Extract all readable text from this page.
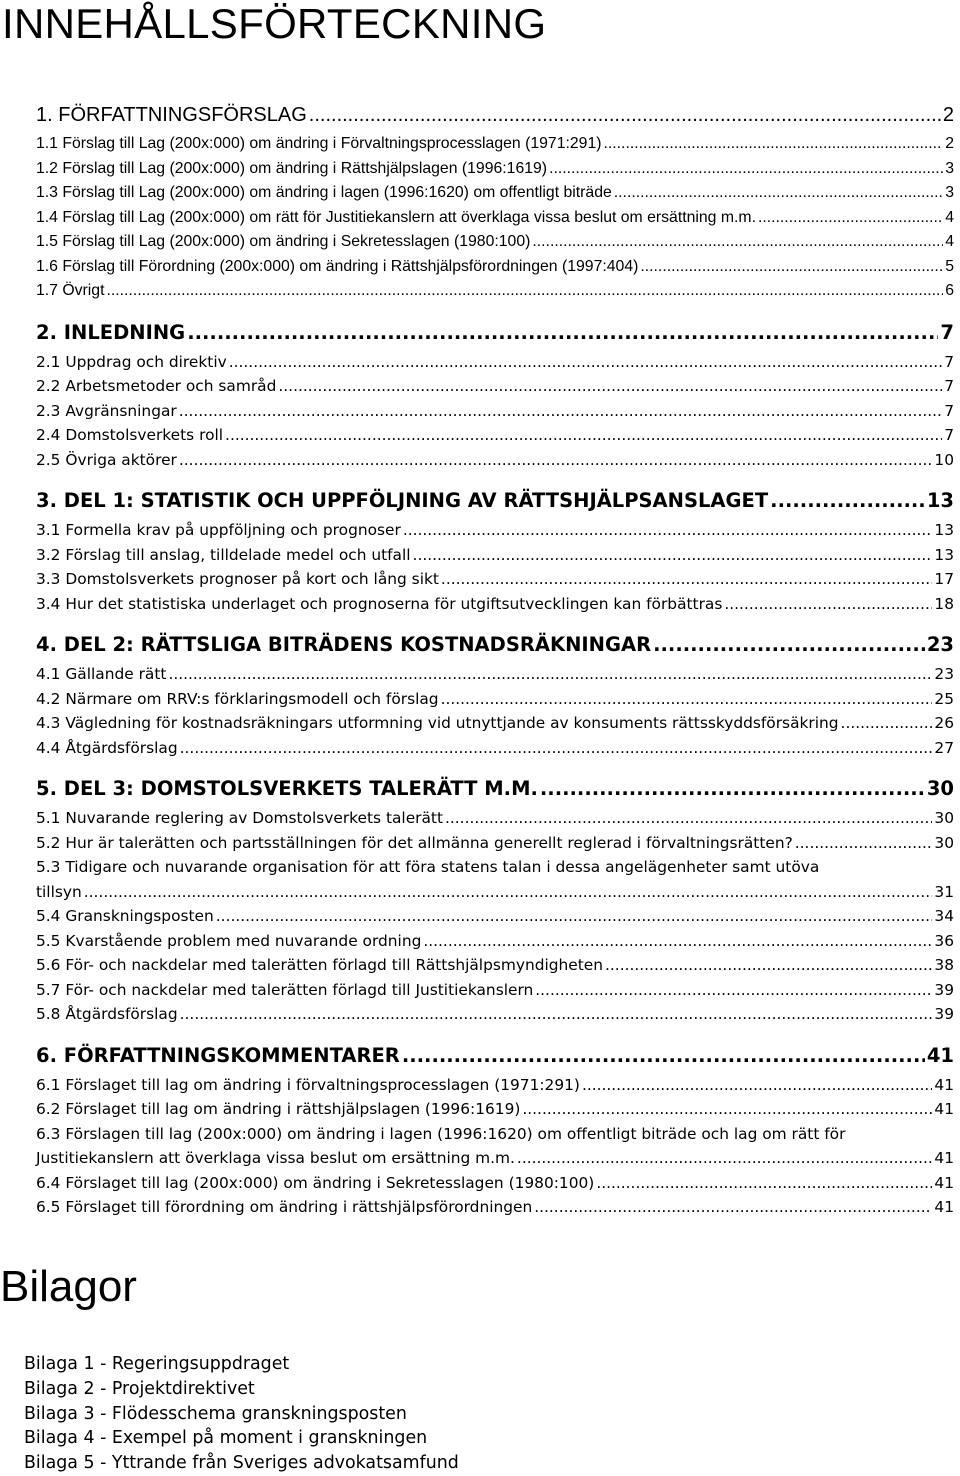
INNEHÅLLSFÖRTECKNING
1. FÖRFATTNINGSFÖRSLAG .....	2
1.1 Förslag till Lag (200x:000) om ändring i Förvaltningsprocesslagen (1971:291) .....	2
1.2 Förslag till Lag (200x:000) om ändring i Rättshjälpslagen (1996:1619) .....	3
1.3 Förslag till Lag (200x:000) om ändring i lagen (1996:1620) om offentligt biträde .....	3
1.4 Förslag till Lag (200x:000) om rätt för Justitiekanslern att överklaga vissa beslut om ersättning m.m. .....	4
1.5 Förslag till Lag (200x:000) om ändring i Sekretesslagen (1980:100) .....	4
1.6 Förslag till Förordning (200x:000) om ändring i Rättshjälpsförordningen (1997:404) .....	5
1.7 Övrigt .....	6
2. INLEDNING .....	7
2.1 Uppdrag och direktiv .....	7
2.2 Arbetsmetoder och samråd .....	7
2.3 Avgränsningar .....	7
2.4 Domstolsverkets roll .....	7
2.5 Övriga aktörer .....	10
3. DEL 1: STATISTIK OCH UPPFÖLJNING AV RÄTTSHJÄLPSANSLAGET .....	13
3.1 Formella krav på uppföljning och prognoser .....	13
3.2 Förslag till anslag, tilldelade medel och utfall .....	13
3.3 Domstolsverkets prognoser på kort och lång sikt .....	17
3.4 Hur det statistiska underlaget och prognoserna för utgiftsutvecklingen kan förbättras .....	18
4. DEL 2: RÄTTSLIGA BITRÄDENS KOSTNADSRÄKNINGAR .....	23
4.1 Gällande rätt .....	23
4.2 Närmare om RRV:s förklaringsmodell och förslag .....	25
4.3 Vägledning för kostnadsräkningars utformning vid utnyttjande av konsuments rättsskyddsförsäkring .....	26
4.4 Åtgärdsförslag .....	27
5. DEL 3: DOMSTOLSVERKETS TALERÄTT M.M. .....	30
5.1 Nuvarande reglering av Domstolsverkets talerätt .....	30
5.2 Hur är talerätten och partsställningen för det allmänna generellt reglerad i förvaltningsrätten? .....	30
5.3 Tidigare och nuvarande organisation för att föra statens talan i dessa angelägenheter samt utöva
tillsyn .....	31
5.4 Granskningsposten .....	34
5.5 Kvarstående problem med nuvarande ordning .....	36
5.6 För- och nackdelar med talerätten förlagd till Rättshjälpsmyndigheten .....	38
5.7 För- och nackdelar med talerätten förlagd till Justitiekanslern .....	39
5.8 Åtgärdsförslag .....	39
6. FÖRFATTNINGSKOMMENTARER .....	41
6.1 Förslaget till lag om ändring i förvaltningsprocesslagen (1971:291) .....	41
6.2 Förslaget till lag om ändring i rättshjälpslagen (1996:1619) .....	41
6.3 Förslagen till lag (200x:000) om ändring i lagen (1996:1620) om offentligt biträde och lag om rätt för
Justitiekanslern att överklaga vissa beslut om ersättning m.m. .....	41
6.4 Förslaget till lag (200x:000) om ändring i Sekretesslagen (1980:100) .....	41
6.5 Förslaget till förordning om ändring i rättshjälpsförordningen .....	41
Bilagor
Bilaga 1 - Regeringsuppdraget
Bilaga 2 - Projektdirektivet
Bilaga 3 - Flödesschema granskningsposten
Bilaga 4 - Exempel på moment i granskningen
Bilaga 5 - Yttrande från Sveriges advokatsamfund
